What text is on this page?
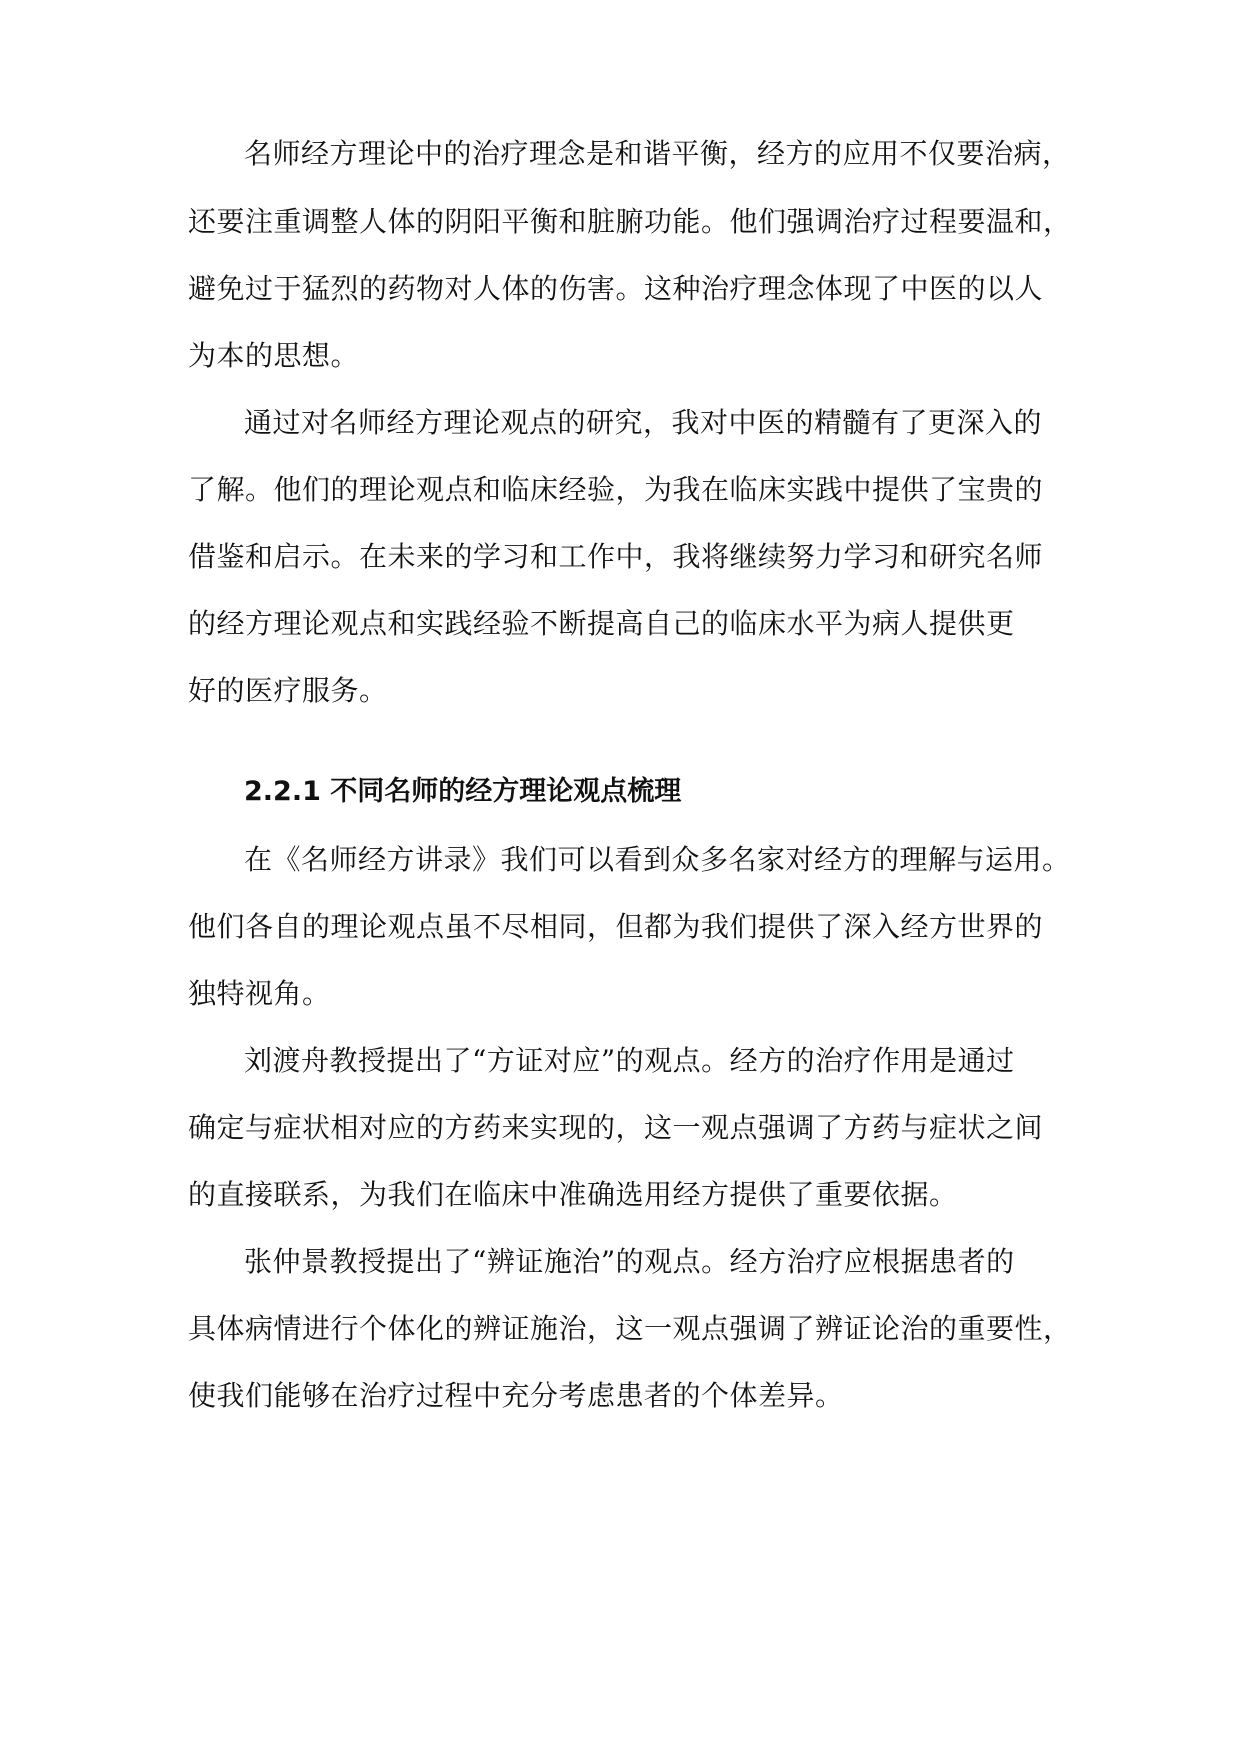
名师经方理论中的治疗理念是和谐平衡，经方的应用不仅要治病，
还要注重调整人体的阴阳平衡和脏腑功能。他们强调治疗过程要温和，
避免过于猛烈的药物对人体的伤害。这种治疗理念体现了中医的以人
为本的思想。
通过对名师经方理论观点的研究，我对中医的精髓有了更深入的
了解。他们的理论观点和临床经验，为我在临床实践中提供了宝贵的
借鉴和启示。在未来的学习和工作中，我将继续努力学习和研究名师
的经方理论观点和实践经验不断提高自己的临床水平为病人提供更
好的医疗服务。
2.2.1 不同名师的经方理论观点梳理
在《名师经方讲录》我们可以看到众多名家对经方的理解与运用。
他们各自的理论观点虽不尽相同，但都为我们提供了深入经方世界的
独特视角。
刘渡舟教授提出了“方证对应”的观点。经方的治疗作用是通过
确定与症状相对应的方药来实现的，这一观点强调了方药与症状之间
的直接联系，为我们在临床中准确选用经方提供了重要依据。
张仲景教授提出了“辨证施治”的观点。经方治疗应根据患者的
具体病情进行个体化的辨证施治，这一观点强调了辨证论治的重要性，
使我们能够在治疗过程中充分考虑患者的个体差异。
